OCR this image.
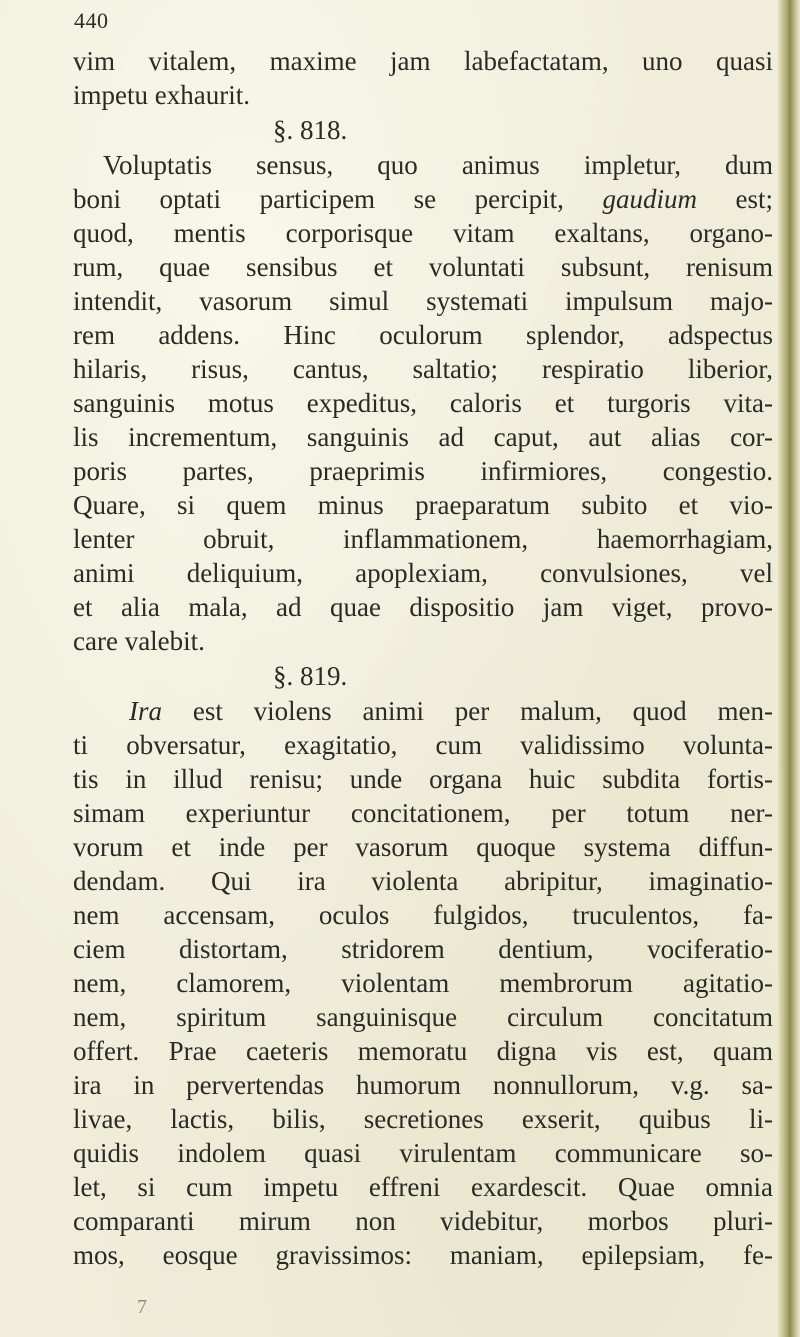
440
vim vitalem, maxime jam labefactatam, uno quasi
impetu exhaurit.
§. 818.
Voluptatis sensus, quo animus impletur, dum
boni optati participem se percipit, gaudium est;
quod, mentis corporisque vitam exaltans, organo-
rum, quae sensibus et voluntati subsunt, renisum
intendit, vasorum simul systemati impulsum majo-
rem addens. Hinc oculorum splendor, adspectus
hilaris, risus, cantus, saltatio; respiratio liberior,
sanguinis motus expeditus, caloris et turgoris vita-
lis incrementum, sanguinis ad caput, aut alias cor-
poris partes, praeprimis infirmiores, congestio.
Quare, si quem minus praeparatum subito et vio-
lenter obruit, inflammationem, haemorrhagiam,
animi deliquium, apoplexiam, convulsiones, vel
et alia mala, ad quae dispositio jam viget, provo-
care valebit.
§. 819.
Ira est violens animi per malum, quod men-
ti obversatur, exagitatio, cum validissimo volunta-
tis in illud renisu; unde organa huic subdita fortis-
simam experiuntur concitationem, per totum ner-
vorum et inde per vasorum quoque systema diffun-
dendam. Qui ira violenta abripitur, imaginatio-
nem accensam, oculos fulgidos, truculentos, fa-
ciem distortam, stridorem dentium, vociferatio-
nem, clamorem, violentam membrorum agitatio-
nem, spiritum sanguinisque circulum concitatum
offert. Prae caeteris memoratu digna vis est, quam
ira in pervertendas humorum nonnullorum, v.g. sa-
livae, lactis, bilis, secretiones exserit, quibus li-
quidis indolem quasi virulentam communicare so-
let, si cum impetu effreni exardescit. Quae omnia
comparanti mirum non videbitur, morbos pluri-
mos, eosque gravissimos: maniam, epilepsiam, fe-
7
